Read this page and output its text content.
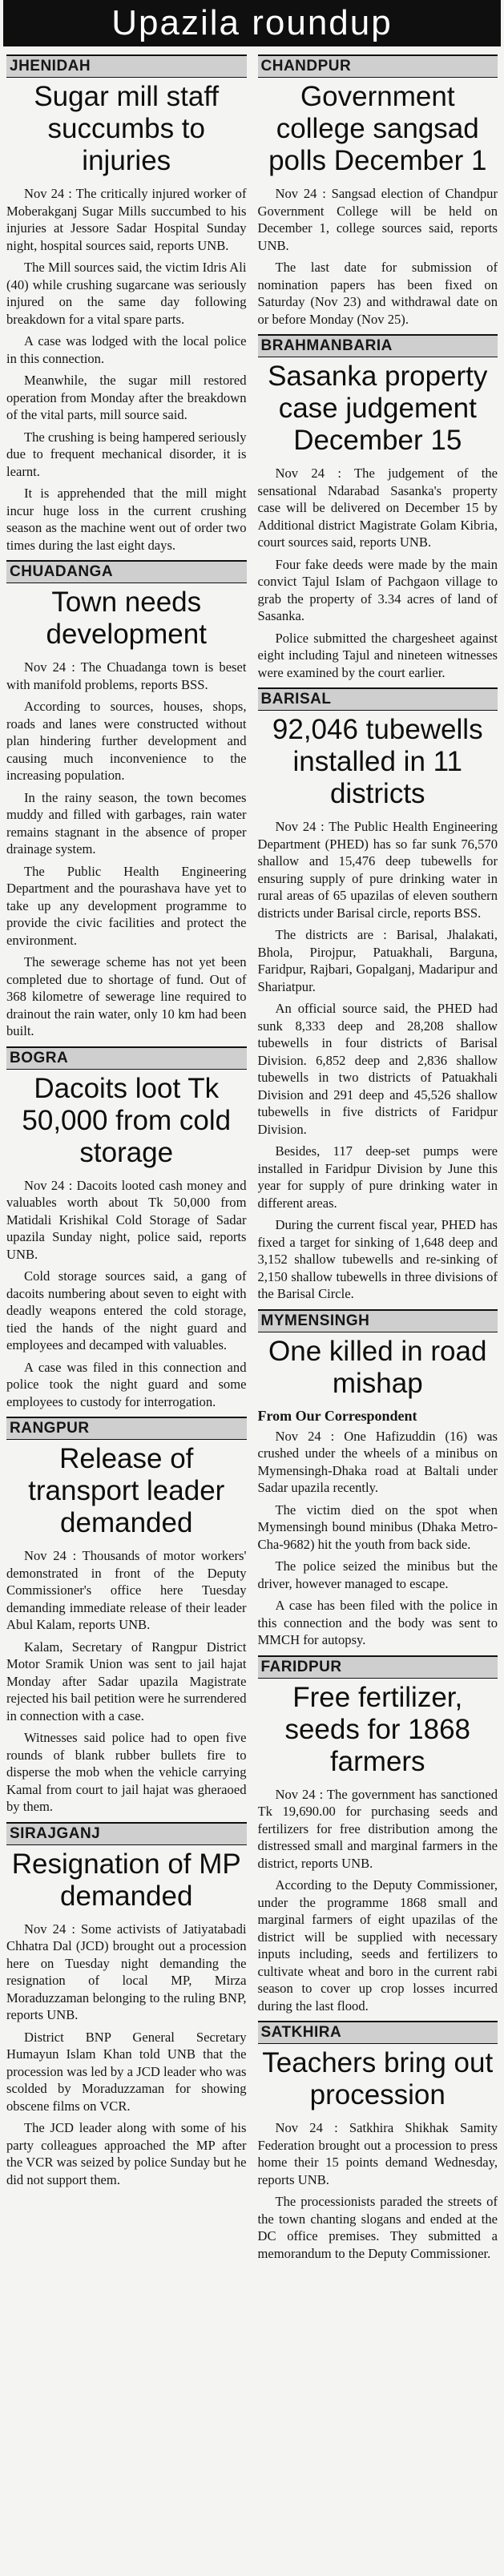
Upazila roundup
JHENIDAH
Sugar mill staff succumbs to injuries

Nov 24 : The critically injured worker of Moberakganj Sugar Mills succumbed to his injuries at Jessore Sadar Hospital Sunday night, hospital sources said, reports UNB.

The Mill sources said, the victim Idris Ali (40) while crushing sugarcane was seriously injured on the same day following breakdown for a vital spare parts.

A case was lodged with the local police in this connection.

Meanwhile, the sugar mill restored operation from Monday after the breakdown of the vital parts, mill source said.

The crushing is being hampered seriously due to frequent mechanical disorder, it is learnt.

It is apprehended that the mill might incur huge loss in the current crushing season as the machine went out of order two times during the last eight days.

CHUADANGA
Town needs development

Nov 24 : The Chuadanga town is beset with manifold problems, reports BSS.

According to sources, houses, shops, roads and lanes were constructed without plan hindering further development and causing much inconvenience to the increasing population.

In the rainy season, the town becomes muddy and filled with garbages, rain water remains stagnant in the absence of proper drainage system.

The Public Health Engineering Department and the pourashava have yet to take up any development programme to provide the civic facilities and protect the environment.

The sewerage scheme has not yet been completed due to shortage of fund. Out of 368 kilometre of sewerage line required to drainout the rain water, only 10 km had been built.

BOGRA
Dacoits loot Tk 50,000 from cold storage

Nov 24 : Dacoits looted cash money and valuables worth about Tk 50,000 from Matidali Krishikal Cold Storage of Sadar upazila Sunday night, police said, reports UNB.

Cold storage sources said, a gang of dacoits numbering about seven to eight with deadly weapons entered the cold storage, tied the hands of the night guard and employees and decamped with valuables.

A case was filed in this connection and police took the night guard and some employees to custody for interrogation.

RANGPUR
Release of transport leader demanded

Nov 24 : Thousands of motor workers' demonstrated in front of the Deputy Commissioner's office here Tuesday demanding immediate release of their leader Abul Kalam, reports UNB.

Kalam, Secretary of Rangpur District Motor Sramik Union was sent to jail hajat Monday after Sadar upazila Magistrate rejected his bail petition were he surrendered in connection with a case.

Witnesses said police had to open five rounds of blank rubber bullets fire to disperse the mob when the vehicle carrying Kamal from court to jail hajat was gheraoed by them.

SIRAJGANJ
Resignation of MP demanded

Nov 24 : Some activists of Jatiyatabadi Chhatra Dal (JCD) brought out a procession here on Tuesday night demanding the resignation of local MP, Mirza Moraduzzaman belonging to the ruling BNP, reports UNB.

District BNP General Secretary Humayun Islam Khan told UNB that the procession was led by a JCD leader who was scolded by Moraduzzaman for showing obscene films on VCR.

The JCD leader along with some of his party colleagues approached the MP after the VCR was seized by police Sunday but he did not support them.

CHANDPUR
Government college sangsad polls December 1

Nov 24 : Sangsad election of Chandpur Government College will be held on December 1, college sources said, reports UNB.

The last date for submission of nomination papers has been fixed on Saturday (Nov 23) and withdrawal date on or before Monday (Nov 25).

BRAHMANBARIA
Sasanka property case judgement December 15

Nov 24 : The judgement of the sensational Ndarabad Sasanka's property case will be delivered on December 15 by Additional district Magistrate Golam Kibria, court sources said, reports UNB.

Four fake deeds were made by the main convict Tajul Islam of Pachgaon village to grab the property of 3.34 acres of land of Sasanka.

Police submitted the chargesheet against eight including Tajul and nineteen witnesses were examined by the court earlier.

BARISAL
92,046 tubewells installed in 11 districts

Nov 24 : The Public Health Engineering Department (PHED) has so far sunk 76,570 shallow and 15,476 deep tubewells for ensuring supply of pure drinking water in rural areas of 65 upazilas of eleven southern districts under Barisal circle, reports BSS.

The districts are : Barisal, Jhalakati, Bhola, Pirojpur, Patuakhali, Barguna, Faridpur, Rajbari, Gopalganj, Madaripur and Shariatpur.

An official source said, the PHED had sunk 8,333 deep and 28,208 shallow tubewells in four districts of Barisal Division. 6,852 deep and 2,836 shallow tubewells in two districts of Patuakhali Division and 291 deep and 45,526 shallow tubewells in five districts of Faridpur Division.

Besides, 117 deep-set pumps were installed in Faridpur Division by June this year for supply of pure drinking water in different areas.

During the current fiscal year, PHED has fixed a target for sinking of 1,648 deep and 3,152 shallow tubewells and re-sinking of 2,150 shallow tubewells in three divisions of the Barisal Circle.

MYMENSINGH
One killed in road mishap
From Our Correspondent

Nov 24 : One Hafizuddin (16) was crushed under the wheels of a minibus on Mymensingh-Dhaka road at Baltali under Sadar upazila recently.

The victim died on the spot when Mymensingh bound minibus (Dhaka Metro-Cha-9682) hit the youth from back side.

The police seized the minibus but the driver, however managed to escape.

A case has been filed with the police in this connection and the body was sent to MMCH for autopsy.

FARIDPUR
Free fertilizer, seeds for 1868 farmers

Nov 24 : The government has sanctioned Tk 19,690.00 for purchasing seeds and fertilizers for free distribution among the distressed small and marginal farmers in the district, reports UNB.

According to the Deputy Commissioner, under the programme 1868 small and marginal farmers of eight upazilas of the district will be supplied with necessary inputs including, seeds and fertilizers to cultivate wheat and boro in the current rabi season to cover up crop losses incurred during the last flood.

SATKHIRA
Teachers bring out procession

Nov 24 : Satkhira Shikhak Samity Federation brought out a procession to press home their 15 points demand Wednesday, reports UNB.

The processionists paraded the streets of the town chanting slogans and ended at the DC office premises. They submitted a memorandum to the Deputy Commissioner.
